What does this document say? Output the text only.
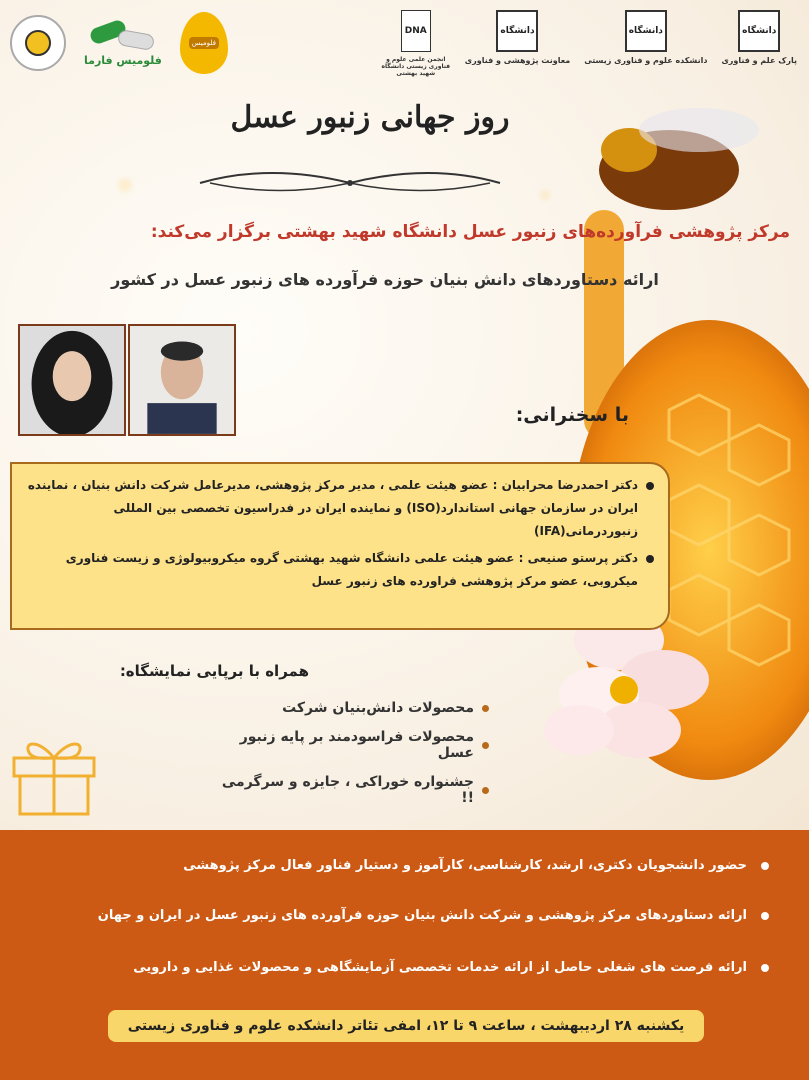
دانشگاه
پارک علم و فناوری
دانشگاه
دانشکده علوم و فناوری زیستی
دانشگاه
معاونت پژوهشی و فناوری
DNA
انجمن علمی علوم و فناوری زیستی دانشگاه شهید بهشتی
فلومیس فارما
فلومیس
روز جهانی زنبور عسل
مرکز پژوهشی فرآورده‌های زنبور عسل دانشگاه شهید بهشتی برگزار می‌کند:
ارائه دستاوردهای دانش بنیان حوزه فرآورده های زنبور عسل در کشور
با سخنرانی:
دکتر احمدرضا محرابیان : عضو هیئت علمی ، مدیر مرکز پژوهشی، مدیرعامل شرکت دانش بنیان ، نماینده ایران در سازمان جهانی استاندارد(ISO) و نماینده ایران در فدراسیون تخصصی بین المللی زنبوردرمانی(IFA)
دکتر پرستو صنیعی : عضو هیئت علمی دانشگاه شهید بهشتی گروه میکروبیولوژی و زیست فناوری میکروبی، عضو مرکز پژوهشی فراورده های زنبور عسل
همراه با برپایی نمایشگاه:
محصولات دانش‌بنیان شرکت
محصولات فراسودمند بر پایه زنبور عسل
جشنواره خوراکی ، جایزه و سرگرمی !!
حضور دانشجویان دکتری، ارشد، کارشناسی، کارآموز و دستیار فناور فعال مرکز پژوهشی
ارائه دستاوردهای مرکز پژوهشی و شرکت دانش بنیان حوزه فرآورده های زنبور عسل در ایران و جهان
ارائه فرصت های شغلی حاصل از ارائه خدمات تخصصی آزمایشگاهی و محصولات غذایی و دارویی
یکشنبه ۲۸ اردیبهشت ، ساعت ۹ تا ۱۲، امفی تئاتر دانشکده علوم و فناوری زیستی
